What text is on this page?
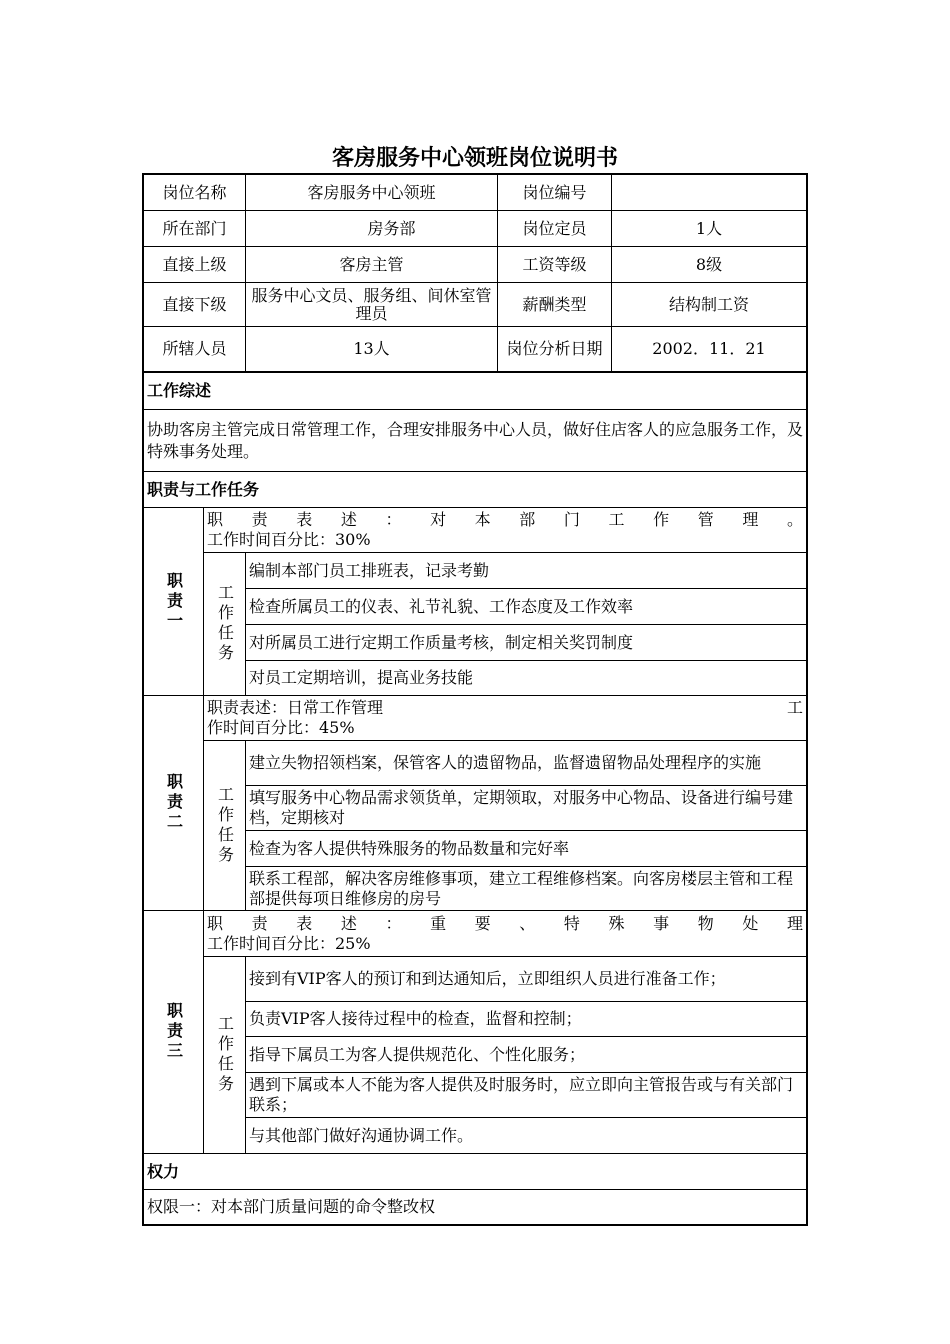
客房服务中心领班岗位说明书
岗位名称	客房服务中心领班	岗位编号
所在部门	房务部	岗位定员	1人
直接上级	客房主管	工资等级	8级
直接下级	服务中心文员、服务组、间休室管理员	薪酬类型	结构制工资
所辖人员	13人	岗位分析日期	2002．11．21
工作综述
协助客房主管完成日常管理工作，合理安排服务中心人员，做好住店客人的应急服务工作，及特殊事务处理。
职责与工作任务
职责一
职责表述：对本部门工作管理。
工作时间百分比：30%
工作任务
编制本部门员工排班表，记录考勤
检查所属员工的仪表、礼节礼貌、工作态度及工作效率
对所属员工进行定期工作质量考核，制定相关奖罚制度
对员工定期培训，提高业务技能
职责二
职责表述：日常工作管理	工
作时间百分比：45%
工作任务
建立失物招领档案，保管客人的遗留物品，监督遗留物品处理程序的实施
填写服务中心物品需求领货单，定期领取，对服务中心物品、设备进行编号建档，定期核对
检查为客人提供特殊服务的物品数量和完好率
联系工程部，解决客房维修事项，建立工程维修档案。向客房楼层主管和工程部提供每项日维修房的房号
职责三
职责表述：重要、特殊事物处理
工作时间百分比：25%
工作任务
接到有VIP客人的预订和到达通知后，立即组织人员进行准备工作；
负责VIP客人接待过程中的检查，监督和控制；
指导下属员工为客人提供规范化、个性化服务；
遇到下属或本人不能为客人提供及时服务时，应立即向主管报告或与有关部门联系；
与其他部门做好沟通协调工作。
权力
权限一：对本部门质量问题的命令整改权
